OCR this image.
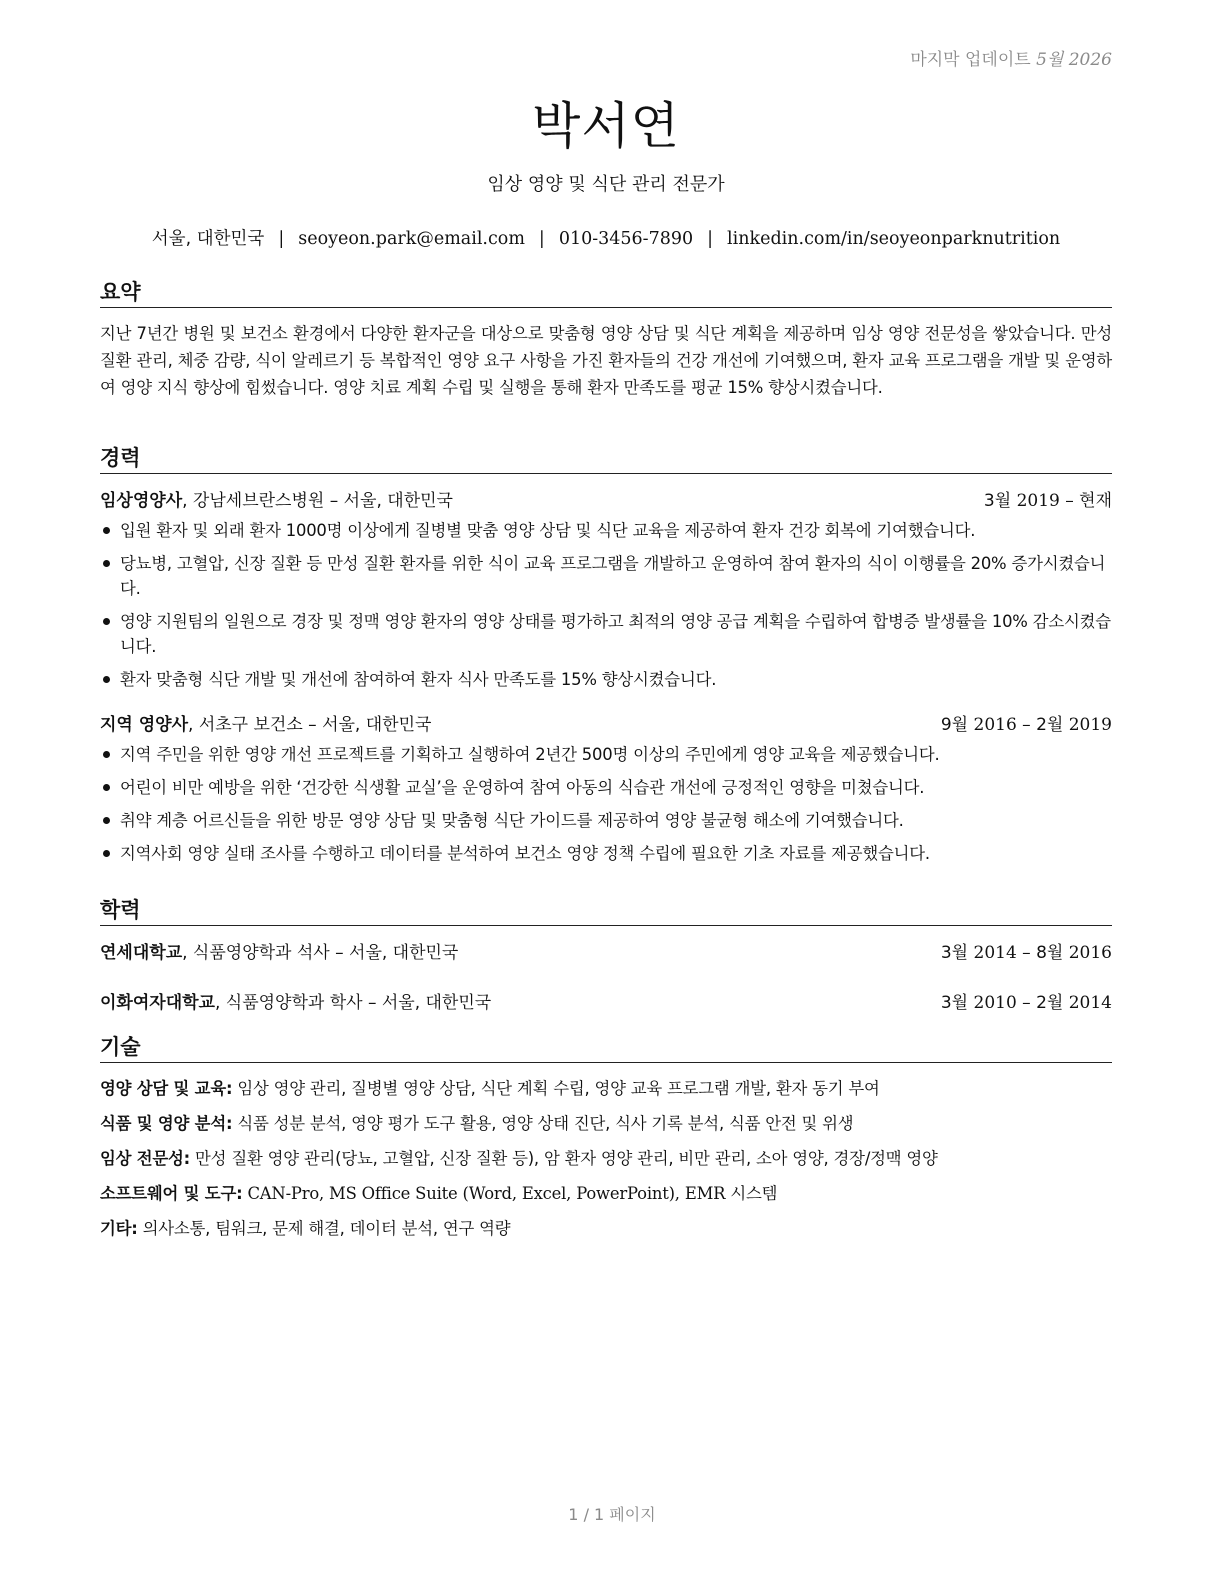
마지막 업데이트 5월 2026
박서연
임상 영양 및 식단 관리 전문가
서울, 대한민국 | seoyeon.park@email.com | 010-3456-7890 | linkedin.com/in/seoyeonparknutrition
요약
지난 7년간 병원 및 보건소 환경에서 다양한 환자군을 대상으로 맞춤형 영양 상담 및 식단 계획을 제공하며 임상 영양 전문성을 쌓았습니다. 만성 질환 관리, 체중 감량, 식이 알레르기 등 복합적인 영양 요구 사항을 가진 환자들의 건강 개선에 기여했으며, 환자 교육 프로그램을 개발 및 운영하여 영양 지식 향상에 힘썼습니다. 영양 치료 계획 수립 및 실행을 통해 환자 만족도를 평균 15% 향상시켰습니다.
경력
임상영양사, 강남세브란스병원 – 서울, 대한민국	3월 2019 – 현재
입원 환자 및 외래 환자 1000명 이상에게 질병별 맞춤 영양 상담 및 식단 교육을 제공하여 환자 건강 회복에 기여했습니다.
당뇨병, 고혈압, 신장 질환 등 만성 질환 환자를 위한 식이 교육 프로그램을 개발하고 운영하여 참여 환자의 식이 이행률을 20% 증가시켰습니다.
영양 지원팀의 일원으로 경장 및 정맥 영양 환자의 영양 상태를 평가하고 최적의 영양 공급 계획을 수립하여 합병증 발생률을 10% 감소시켰습니다.
환자 맞춤형 식단 개발 및 개선에 참여하여 환자 식사 만족도를 15% 향상시켰습니다.
지역 영양사, 서초구 보건소 – 서울, 대한민국	9월 2016 – 2월 2019
지역 주민을 위한 영양 개선 프로젝트를 기획하고 실행하여 2년간 500명 이상의 주민에게 영양 교육을 제공했습니다.
어린이 비만 예방을 위한 ‘건강한 식생활 교실’을 운영하여 참여 아동의 식습관 개선에 긍정적인 영향을 미쳤습니다.
취약 계층 어르신들을 위한 방문 영양 상담 및 맞춤형 식단 가이드를 제공하여 영양 불균형 해소에 기여했습니다.
지역사회 영양 실태 조사를 수행하고 데이터를 분석하여 보건소 영양 정책 수립에 필요한 기초 자료를 제공했습니다.
학력
연세대학교, 식품영양학과 석사 – 서울, 대한민국	3월 2014 – 8월 2016
이화여자대학교, 식품영양학과 학사 – 서울, 대한민국	3월 2010 – 2월 2014
기술
영양 상담 및 교육: 임상 영양 관리, 질병별 영양 상담, 식단 계획 수립, 영양 교육 프로그램 개발, 환자 동기 부여
식품 및 영양 분석: 식품 성분 분석, 영양 평가 도구 활용, 영양 상태 진단, 식사 기록 분석, 식품 안전 및 위생
임상 전문성: 만성 질환 영양 관리(당뇨, 고혈압, 신장 질환 등), 암 환자 영양 관리, 비만 관리, 소아 영양, 경장/정맥 영양
소프트웨어 및 도구: CAN-Pro, MS Office Suite (Word, Excel, PowerPoint), EMR 시스템
기타: 의사소통, 팀워크, 문제 해결, 데이터 분석, 연구 역량
1 / 1 페이지
